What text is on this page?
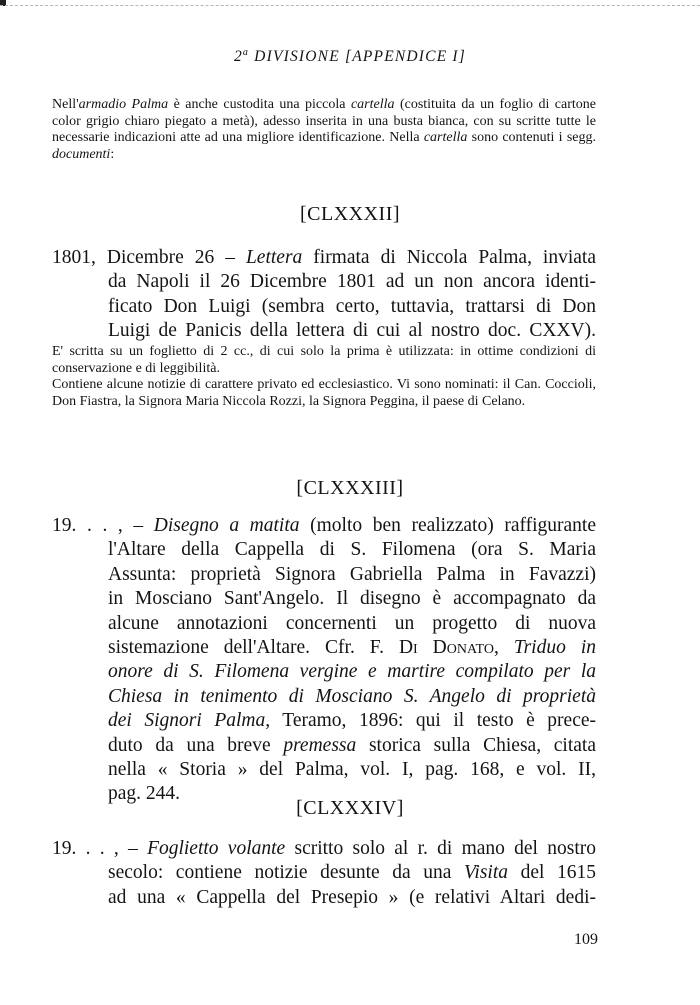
2$^a$ DIVISIONE [APPENDICE I]
Nell'armadio Palma è anche custodita una piccola cartella (costituita da un foglio di cartone color grigio chiaro piegato a metà), adesso inserita in una busta bianca, con su scritte tutte le necessarie indicazioni atte ad una migliore identificazione. Nella cartella sono contenuti i segg. documenti:
[CLXXXII]
1801, Dicembre 26 – Lettera firmata di Niccola Palma, inviata
da Napoli il 26 Dicembre 1801 ad un non ancora identi-
ficato Don Luigi (sembra certo, tuttavia, trattarsi di Don
Luigi de Panicis della lettera di cui al nostro doc. CXXV).
E' scritta su un foglietto di 2 cc., di cui solo la prima è utilizzata: in ottime condizioni di conservazione e di leggibilità.
Contiene alcune notizie di carattere privato ed ecclesiastico. Vi sono nominati: il Can. Coccioli, Don Fiastra, la Signora Maria Niccola Rozzi, la Signora Peggina, il paese di Celano.
[CLXXXIII]
19. . . , – Disegno a matita (molto ben realizzato) raffigurante
l'Altare della Cappella di S. Filomena (ora S. Maria
Assunta: proprietà Signora Gabriella Palma in Favazzi)
in Mosciano Sant'Angelo. Il disegno è accompagnato da
alcune annotazioni concernenti un progetto di nuova
sistemazione dell'Altare. Cfr. F. Di Donato, Triduo in
onore di S. Filomena vergine e martire compilato per la
Chiesa in tenimento di Mosciano S. Angelo di proprietà
dei Signori Palma, Teramo, 1896: qui il testo è prece-
duto da una breve premessa storica sulla Chiesa, citata
nella « Storia » del Palma, vol. I, pag. 168, e vol. II,
pag. 244.
[CLXXXIV]
19. . . , – Foglietto volante scritto solo al r. di mano del nostro
secolo: contiene notizie desunte da una Visita del 1615
ad una « Cappella del Presepio » (e relativi Altari dedi-
109
